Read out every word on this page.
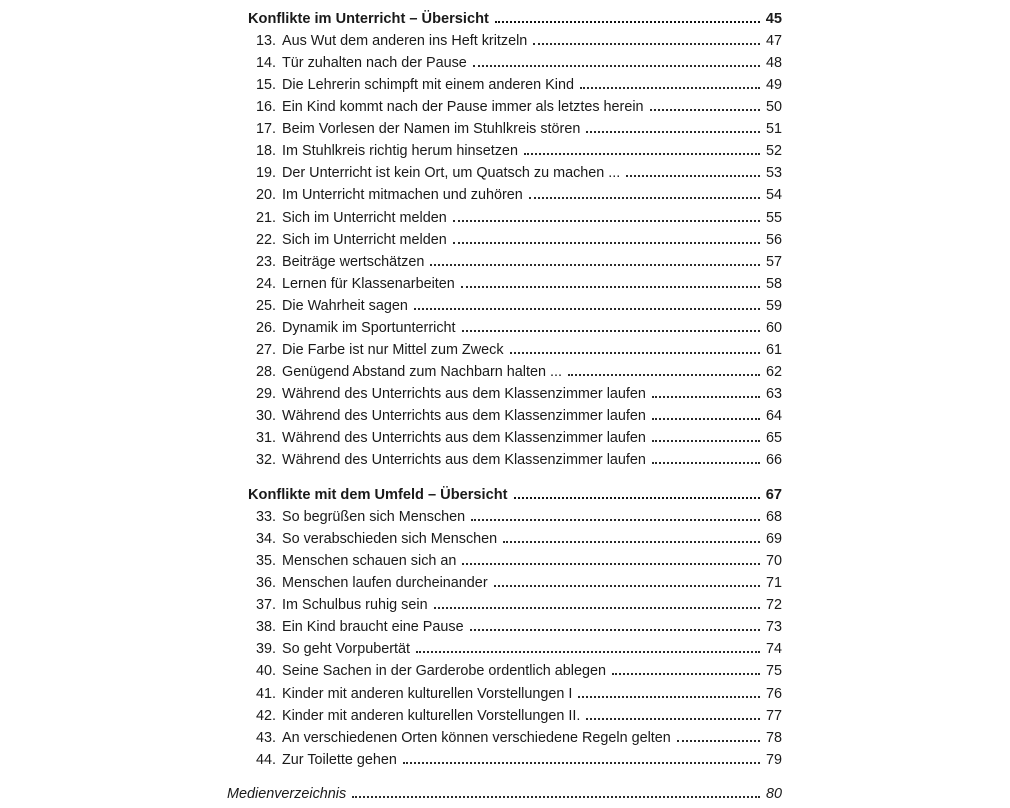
Konflikte im Unterricht – Übersicht	45
13. Aus Wut dem anderen ins Heft kritzeln	47
14. Tür zuhalten nach der Pause	48
15. Die Lehrerin schimpft mit einem anderen Kind	49
16. Ein Kind kommt nach der Pause immer als letztes herein	50
17. Beim Vorlesen der Namen im Stuhlkreis stören	51
18. Im Stuhlkreis richtig herum hinsetzen	52
19. Der Unterricht ist kein Ort, um Quatsch zu machen ...	53
20. Im Unterricht mitmachen und zuhören	54
21. Sich im Unterricht melden	55
22. Sich im Unterricht melden	56
23. Beiträge wertschätzen	57
24. Lernen für Klassenarbeiten	58
25. Die Wahrheit sagen	59
26. Dynamik im Sportunterricht	60
27. Die Farbe ist nur Mittel zum Zweck	61
28. Genügend Abstand zum Nachbarn halten ...	62
29. Während des Unterrichts aus dem Klassenzimmer laufen	63
30. Während des Unterrichts aus dem Klassenzimmer laufen	64
31. Während des Unterrichts aus dem Klassenzimmer laufen	65
32. Während des Unterrichts aus dem Klassenzimmer laufen	66
Konflikte mit dem Umfeld – Übersicht	67
33. So begrüßen sich Menschen	68
34. So verabschieden sich Menschen	69
35. Menschen schauen sich an	70
36. Menschen laufen durcheinander	71
37. Im Schulbus ruhig sein	72
38. Ein Kind braucht eine Pause	73
39. So geht Vorpubertät	74
40. Seine Sachen in der Garderobe ordentlich ablegen	75
41. Kinder mit anderen kulturellen Vorstellungen I	76
42. Kinder mit anderen kulturellen Vorstellungen II.	77
43. An verschiedenen Orten können verschiedene Regeln gelten	78
44. Zur Toilette gehen	79
Medienverzeichnis	80
